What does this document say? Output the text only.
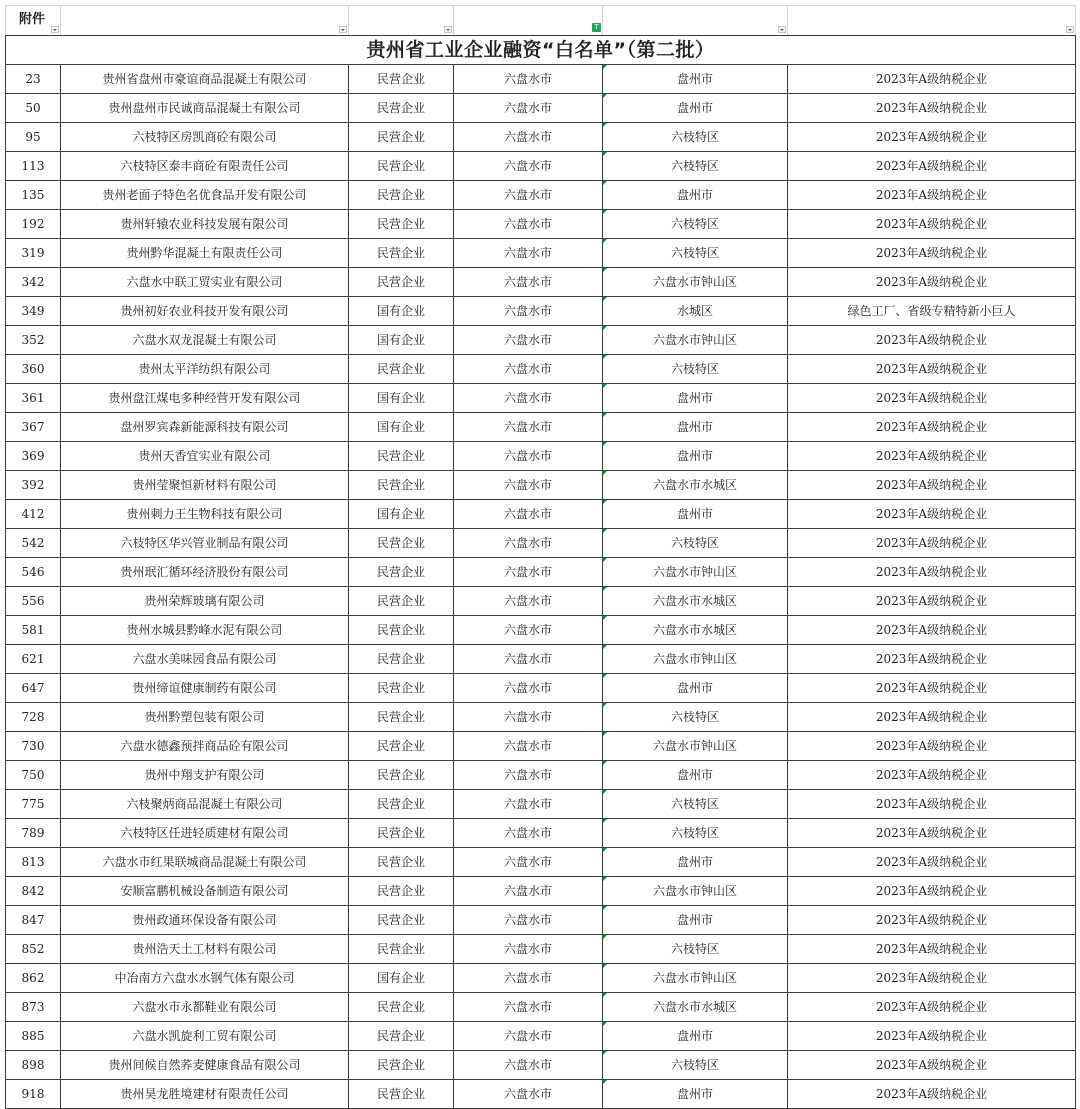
附件			T		

贵州省工业企业融资“白名单”（第二批）					
23	贵州省盘州市豪谊商品混凝土有限公司	民营企业	六盘水市	盘州市	2023年A级纳税企业
50	贵州盘州市民诚商品混凝土有限公司	民营企业	六盘水市	盘州市	2023年A级纳税企业
95	六枝特区房凯商砼有限公司	民营企业	六盘水市	六枝特区	2023年A级纳税企业
113	六枝特区泰丰商砼有限责任公司	民营企业	六盘水市	六枝特区	2023年A级纳税企业
135	贵州老面子特色名优食品开发有限公司	民营企业	六盘水市	盘州市	2023年A级纳税企业
192	贵州轩辕农业科技发展有限公司	民营企业	六盘水市	六枝特区	2023年A级纳税企业
319	贵州黔华混凝土有限责任公司	民营企业	六盘水市	六枝特区	2023年A级纳税企业
342	六盘水中联工贸实业有限公司	民营企业	六盘水市	六盘水市钟山区	2023年A级纳税企业
349	贵州初好农业科技开发有限公司	国有企业	六盘水市	水城区	绿色工厂、省级专精特新小巨人
352	六盘水双龙混凝土有限公司	国有企业	六盘水市	六盘水市钟山区	2023年A级纳税企业
360	贵州太平洋纺织有限公司	民营企业	六盘水市	六枝特区	2023年A级纳税企业
361	贵州盘江煤电多种经营开发有限公司	国有企业	六盘水市	盘州市	2023年A级纳税企业
367	盘州罗宾森新能源科技有限公司	国有企业	六盘水市	盘州市	2023年A级纳税企业
369	贵州天香宜实业有限公司	民营企业	六盘水市	盘州市	2023年A级纳税企业
392	贵州莹聚恒新材料有限公司	民营企业	六盘水市	六盘水市水城区	2023年A级纳税企业
412	贵州刺力王生物科技有限公司	国有企业	六盘水市	盘州市	2023年A级纳税企业
542	六枝特区华兴管业制品有限公司	民营企业	六盘水市	六枝特区	2023年A级纳税企业
546	贵州珉汇循环经济股份有限公司	民营企业	六盘水市	六盘水市钟山区	2023年A级纳税企业
556	贵州荣辉玻璃有限公司	民营企业	六盘水市	六盘水市水城区	2023年A级纳税企业
581	贵州水城县黔峰水泥有限公司	民营企业	六盘水市	六盘水市水城区	2023年A级纳税企业
621	六盘水美味园食品有限公司	民营企业	六盘水市	六盘水市钟山区	2023年A级纳税企业
647	贵州缔谊健康制药有限公司	民营企业	六盘水市	盘州市	2023年A级纳税企业
728	贵州黔塑包装有限公司	民营企业	六盘水市	六枝特区	2023年A级纳税企业
730	六盘水德鑫预拌商品砼有限公司	民营企业	六盘水市	六盘水市钟山区	2023年A级纳税企业
750	贵州中翔支护有限公司	民营企业	六盘水市	盘州市	2023年A级纳税企业
775	六枝聚炳商品混凝土有限公司	民营企业	六盘水市	六枝特区	2023年A级纳税企业
789	六枝特区任进轻质建材有限公司	民营企业	六盘水市	六枝特区	2023年A级纳税企业
813	六盘水市红果联城商品混凝土有限公司	民营企业	六盘水市	盘州市	2023年A级纳税企业
842	安顺富鹏机械设备制造有限公司	民营企业	六盘水市	六盘水市钟山区	2023年A级纳税企业
847	贵州政通环保设备有限公司	民营企业	六盘水市	盘州市	2023年A级纳税企业
852	贵州浩天土工材料有限公司	民营企业	六盘水市	六枝特区	2023年A级纳税企业
862	中冶南方六盘水水钢气体有限公司	国有企业	六盘水市	六盘水市钟山区	2023年A级纳税企业
873	六盘水市永都鞋业有限公司	民营企业	六盘水市	六盘水市水城区	2023年A级纳税企业
885	六盘水凯旋利工贸有限公司	民营企业	六盘水市	盘州市	2023年A级纳税企业
898	贵州间候自然荞麦健康食品有限公司	民营企业	六盘水市	六枝特区	2023年A级纳税企业
918	贵州昊龙胜境建材有限责任公司	民营企业	六盘水市	盘州市	2023年A级纳税企业
